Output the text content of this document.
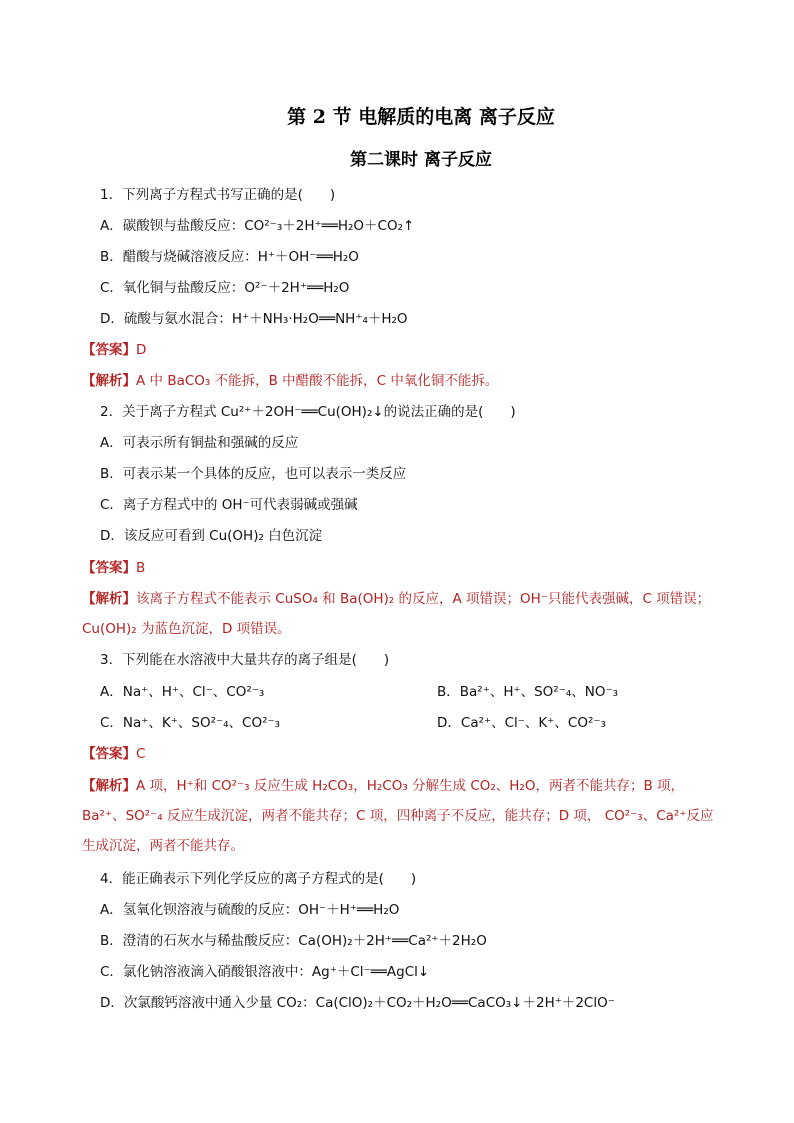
第 2 节 电解质的电离 离子反应
第二课时 离子反应
1．下列离子方程式书写正确的是(　　)
A．碳酸钡与盐酸反应：CO²⁻₃＋2H⁺══H₂O＋CO₂↑
B．醋酸与烧碱溶液反应：H⁺＋OH⁻══H₂O
C．氧化铜与盐酸反应：O²⁻＋2H⁺══H₂O
D．硫酸与氨水混合：H⁺＋NH₃·H₂O══NH⁺₄＋H₂O
【答案】D
【解析】A 中 BaCO₃ 不能拆，B 中醋酸不能拆，C 中氧化铜不能拆。
2．关于离子方程式 Cu²⁺＋2OH⁻══Cu(OH)₂↓的说法正确的是(　　)
A．可表示所有铜盐和强碱的反应
B．可表示某一个具体的反应，也可以表示一类反应
C．离子方程式中的 OH⁻可代表弱碱或强碱
D．该反应可看到 Cu(OH)₂ 白色沉淀
【答案】B
【解析】该离子方程式不能表示 CuSO₄ 和 Ba(OH)₂ 的反应，A 项错误；OH⁻只能代表强碱，C 项错误；Cu(OH)₂ 为蓝色沉淀，D 项错误。
3．下列能在水溶液中大量共存的离子组是(　　)
A．Na⁺、H⁺、Cl⁻、CO²⁻₃	B．Ba²⁺、H⁺、SO²⁻₄、NO⁻₃
C．Na⁺、K⁺、SO²⁻₄、CO²⁻₃	D．Ca²⁺、Cl⁻、K⁺、CO²⁻₃
【答案】C
【解析】A 项，H⁺和 CO²⁻₃ 反应生成 H₂CO₃，H₂CO₃ 分解生成 CO₂、H₂O，两者不能共存；B 项，Ba²⁺、SO²⁻₄ 反应生成沉淀，两者不能共存；C 项，四种离子不反应，能共存；D 项， CO²⁻₃、Ca²⁺反应生成沉淀，两者不能共存。
4．能正确表示下列化学反应的离子方程式的是(　　)
A．氢氧化钡溶液与硫酸的反应：OH⁻＋H⁺══H₂O
B．澄清的石灰水与稀盐酸反应：Ca(OH)₂＋2H⁺══Ca²⁺＋2H₂O
C．氯化钠溶液滴入硝酸银溶液中：Ag⁺＋Cl⁻══AgCl↓
D．次氯酸钙溶液中通入少量 CO₂：Ca(ClO)₂＋CO₂＋H₂O══CaCO₃↓＋2H⁺＋2ClO⁻
